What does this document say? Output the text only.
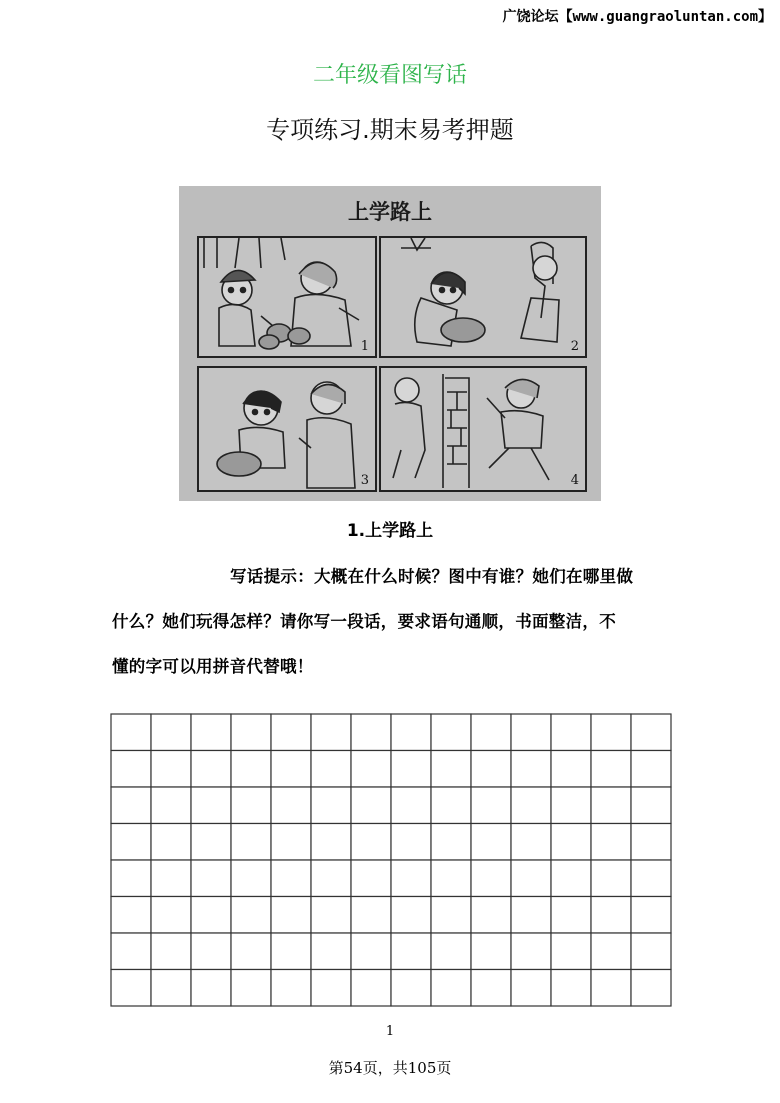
广饶论坛【www.guangraoluntan.com】
二年级看图写话
专项练习.期末易考押题
上学路上
1	2
3	4
1.上学路上
写话提示：大概在什么时候？图中有谁？她们在哪里做
什么？她们玩得怎样？请你写一段话，要求语句通顺，书面整洁，不
懂的字可以用拼音代替哦！
1
第54页，共105页
